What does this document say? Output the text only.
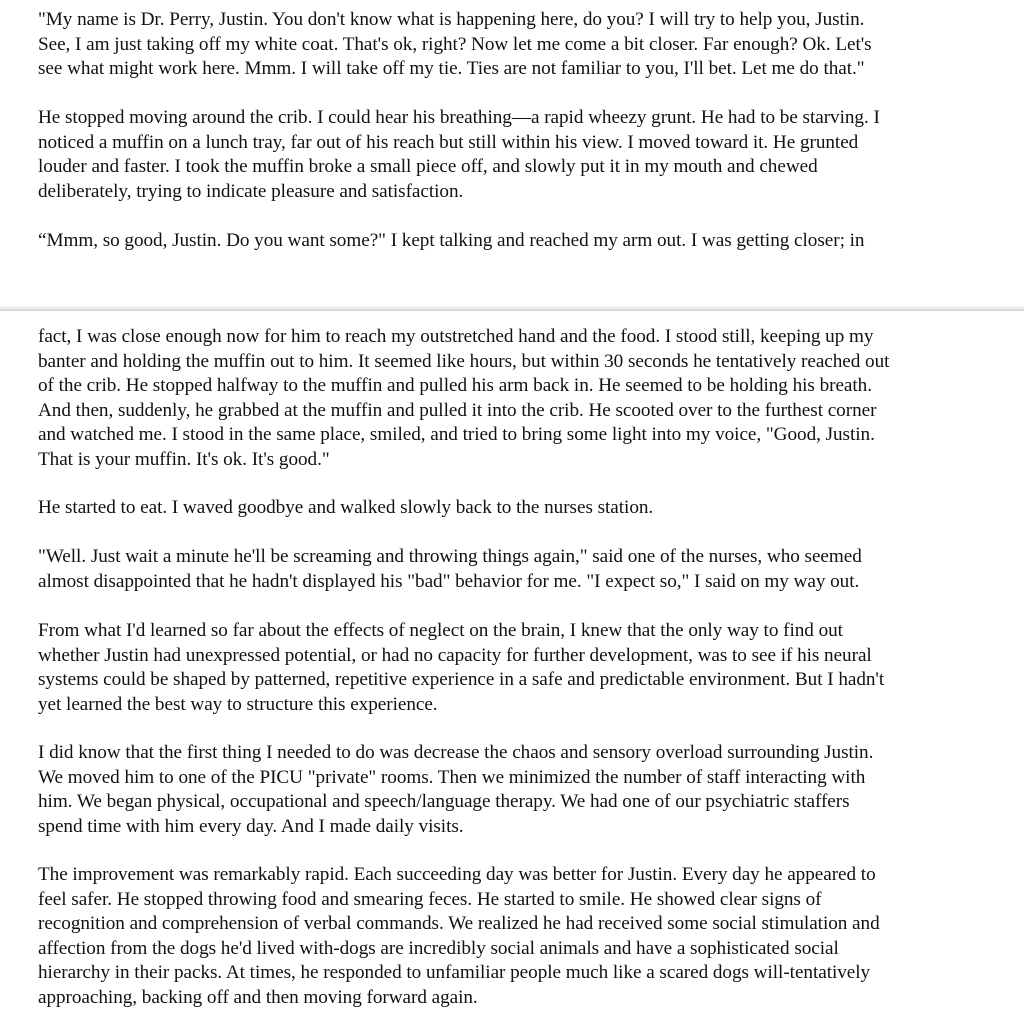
"My name is Dr. Perry, Justin. You don't know what is happening here, do you? I will try to help you, Justin.
See, I am just taking off my white coat. That's ok, right? Now let me come a bit closer. Far enough? Ok. Let's
see what might work here. Mmm. I will take off my tie. Ties are not familiar to you, I'll bet. Let me do that."

He stopped moving around the crib. I could hear his breathing—a rapid wheezy grunt. He had to be starving. I
noticed a muffin on a lunch tray, far out of his reach but still within his view. I moved toward it. He grunted
louder and faster. I took the muffin broke a small piece off, and slowly put it in my mouth and chewed
deliberately, trying to indicate pleasure and satisfaction.

“Mmm, so good, Justin. Do you want some?" I kept talking and reached my arm out. I was getting closer; in

fact, I was close enough now for him to reach my outstretched hand and the food. I stood still, keeping up my
banter and holding the muffin out to him. It seemed like hours, but within 30 seconds he tentatively reached out
of the crib. He stopped halfway to the muffin and pulled his arm back in. He seemed to be holding his breath.
And then, suddenly, he grabbed at the muffin and pulled it into the crib. He scooted over to the furthest corner
and watched me. I stood in the same place, smiled, and tried to bring some light into my voice, "Good, Justin.
That is your muffin. It's ok. It's good."

He started to eat. I waved goodbye and walked slowly back to the nurses station.

"Well. Just wait a minute he'll be screaming and throwing things again," said one of the nurses, who seemed
almost disappointed that he hadn't displayed his "bad" behavior for me. "I expect so," I said on my way out.

From what I'd learned so far about the effects of neglect on the brain, I knew that the only way to find out
whether Justin had unexpressed potential, or had no capacity for further development, was to see if his neural
systems could be shaped by patterned, repetitive experience in a safe and predictable environment. But I hadn't
yet learned the best way to structure this experience.

I did know that the first thing I needed to do was decrease the chaos and sensory overload surrounding Justin.
We moved him to one of the PICU "private" rooms. Then we minimized the number of staff interacting with
him. We began physical, occupational and speech/language therapy. We had one of our psychiatric staffers
spend time with him every day. And I made daily visits.

The improvement was remarkably rapid. Each succeeding day was better for Justin. Every day he appeared to
feel safer. He stopped throwing food and smearing feces. He started to smile. He showed clear signs of
recognition and comprehension of verbal commands. We realized he had received some social stimulation and
affection from the dogs he'd lived with-dogs are incredibly social animals and have a sophisticated social
hierarchy in their packs. At times, he responded to unfamiliar people much like a scared dogs will-tentatively
approaching, backing off and then moving forward again.
